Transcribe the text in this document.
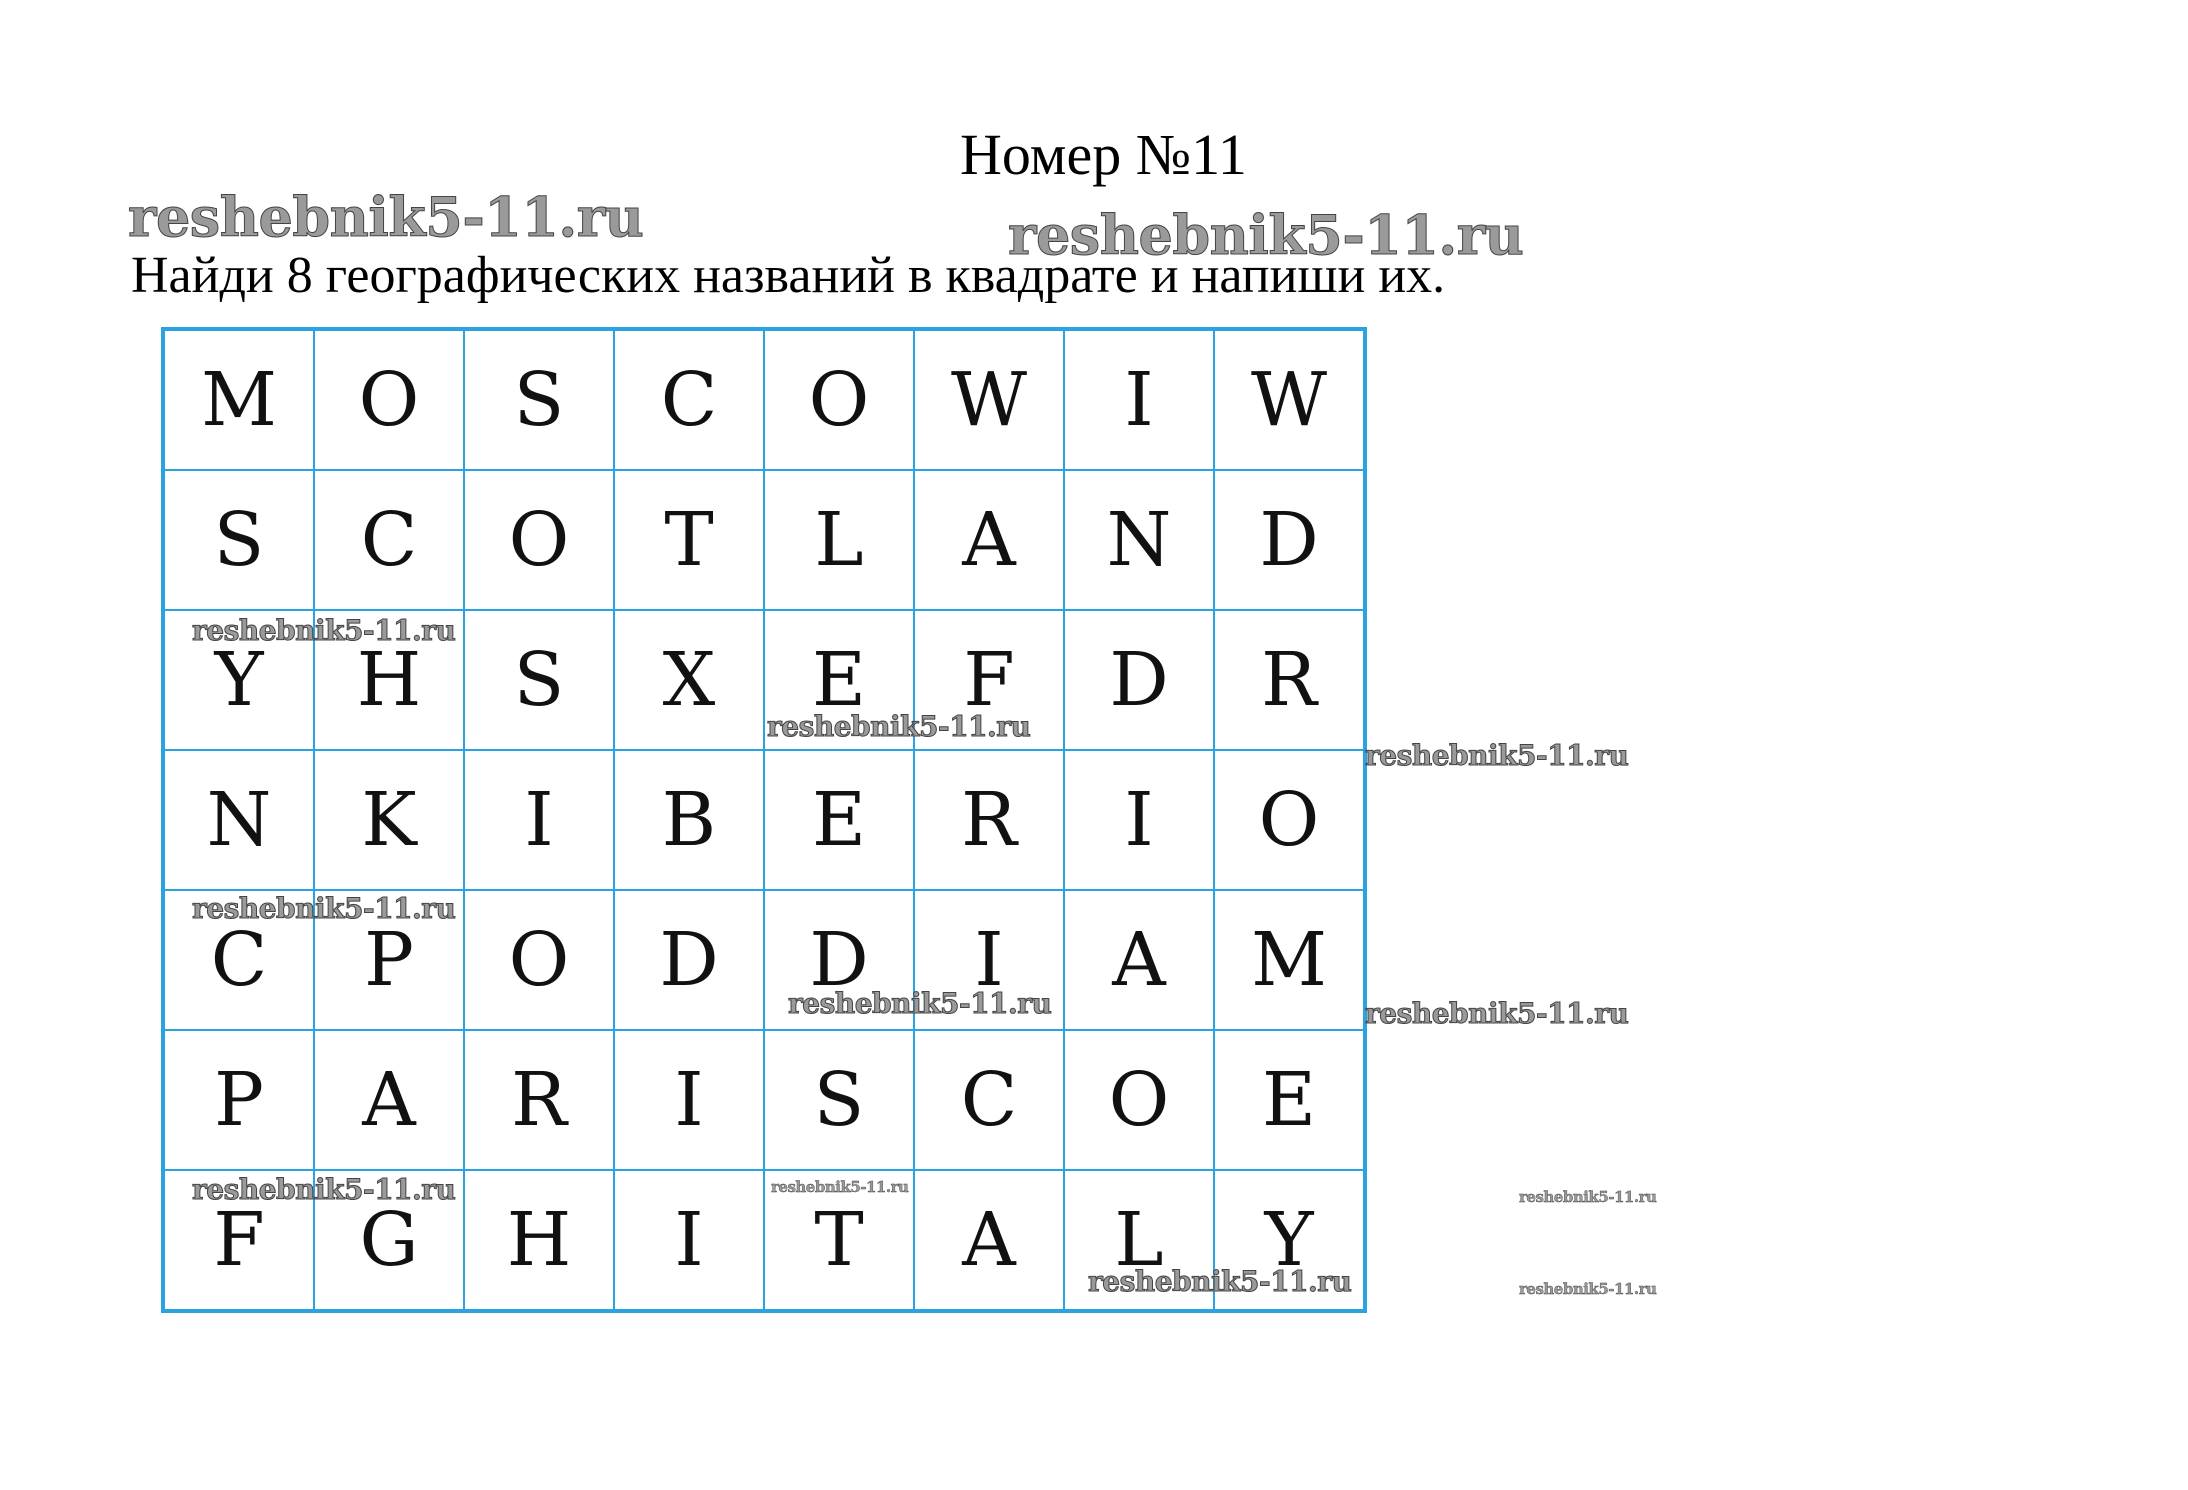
Номер №11
Найди 8 географических названий в квадрате и напиши их.
M	O	S	C	O	W	I	W
S	C	O	T	L	A	N	D
Y	H	S	X	E	F	D	R
N	K	I	B	E	R	I	O
C	P	O	D	D	I	A	M
P	A	R	I	S	C	O	E
F	G	H	I	T	A	L	Y
reshebnik5-11.ru	reshebnik5-11.ru
reshebnik5-11.ru
reshebnik5-11.ru
reshebnik5-11.ru
reshebnik5-11.ru
reshebnik5-11.ru	reshebnik5-11.ru
reshebnik5-11.ru	reshebnik5-11.ru
reshebnik5-11.ru
reshebnik5-11.ru
reshebnik5-11.ru
